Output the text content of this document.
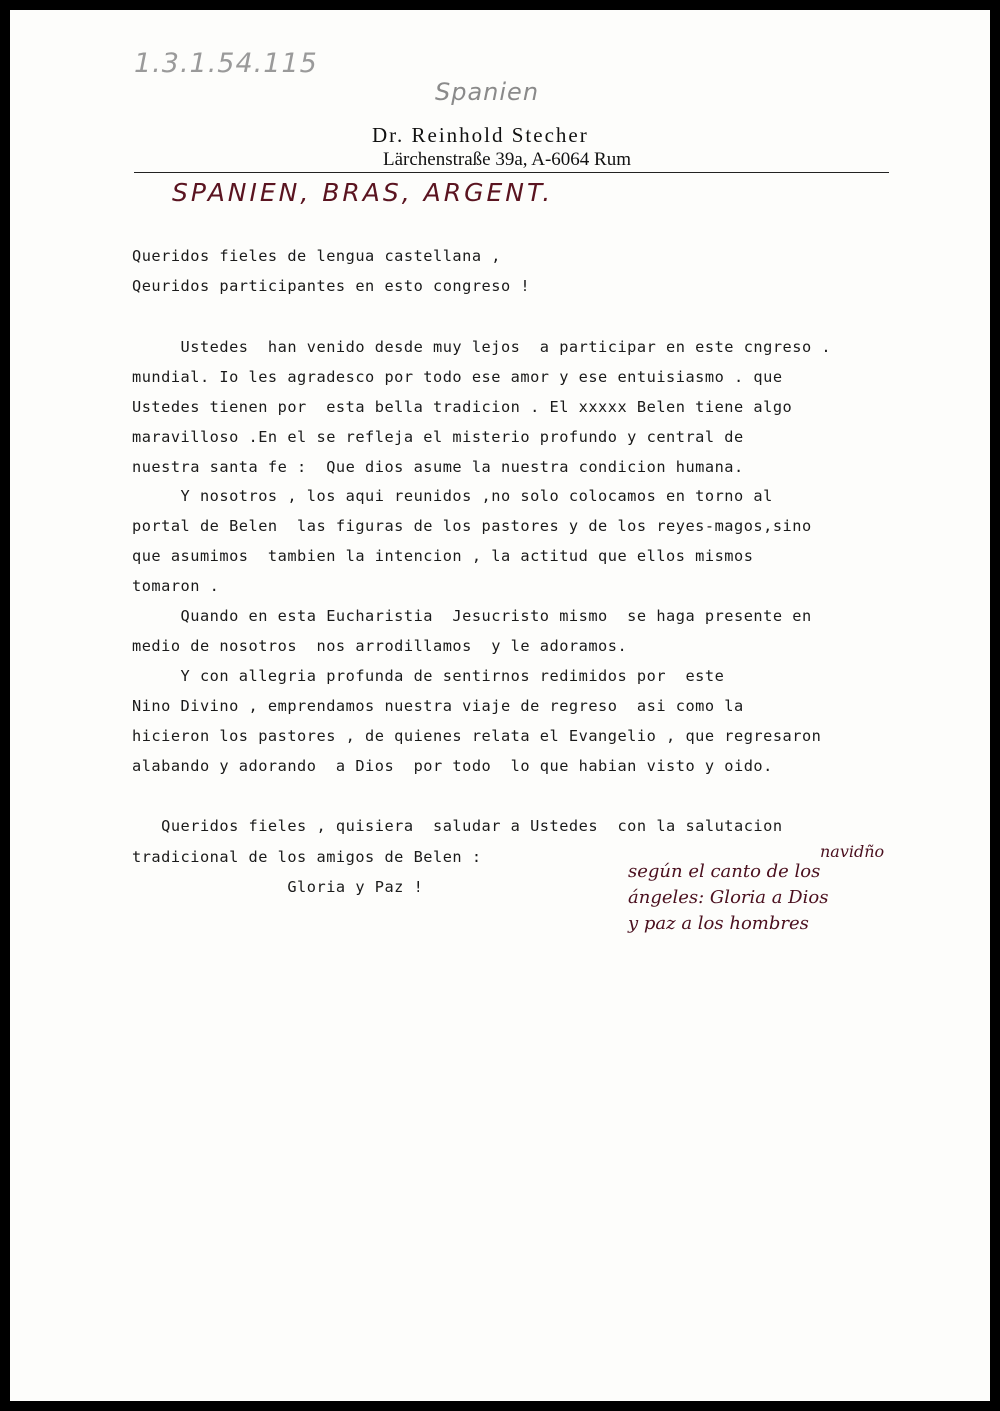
1.3.1.54.115
Spanien
Dr. Reinhold Stecher
Lärchenstraße 39a, A-6064 Rum
SPANIEN, BRAS, ARGENT.
Queridos fieles de lengua castellana ,
Qeuridos participantes en esto congreso !
Ustedes  han venido desde muy lejos  a participar en este cngreso .
mundial. Io les agradesco por todo ese amor y ese entuisiasmo . que
Ustedes tienen por  esta bella tradicion . El xxxxx Belen tiene algo
maravilloso .En el se refleja el misterio profundo y central de
nuestra santa fe :  Que dios asume la nuestra condicion humana.
Y nosotros , los aqui reunidos ,no solo colocamos en torno al
portal de Belen  las figuras de los pastores y de los reyes-magos,sino
que asumimos  tambien la intencion , la actitud que ellos mismos
tomaron .
Quando en esta Eucharistia  Jesucristo mismo  se haga presente en
medio de nosotros  nos arrodillamos  y le adoramos.
Y con allegria profunda de sentirnos redimidos por  este
Nino Divino , emprendamos nuestra viaje de regreso  asi como la
hicieron los pastores , de quienes relata el Evangelio , que regresaron
alabando y adorando  a Dios  por todo  lo que habian visto y oido.
Queridos fieles , quisiera  saludar a Ustedes  con la salutacion
tradicional de los amigos de Belen :
Gloria y Paz !
navidño
según el canto de los
ángeles: Gloria a Dios
y paz a los hombres
